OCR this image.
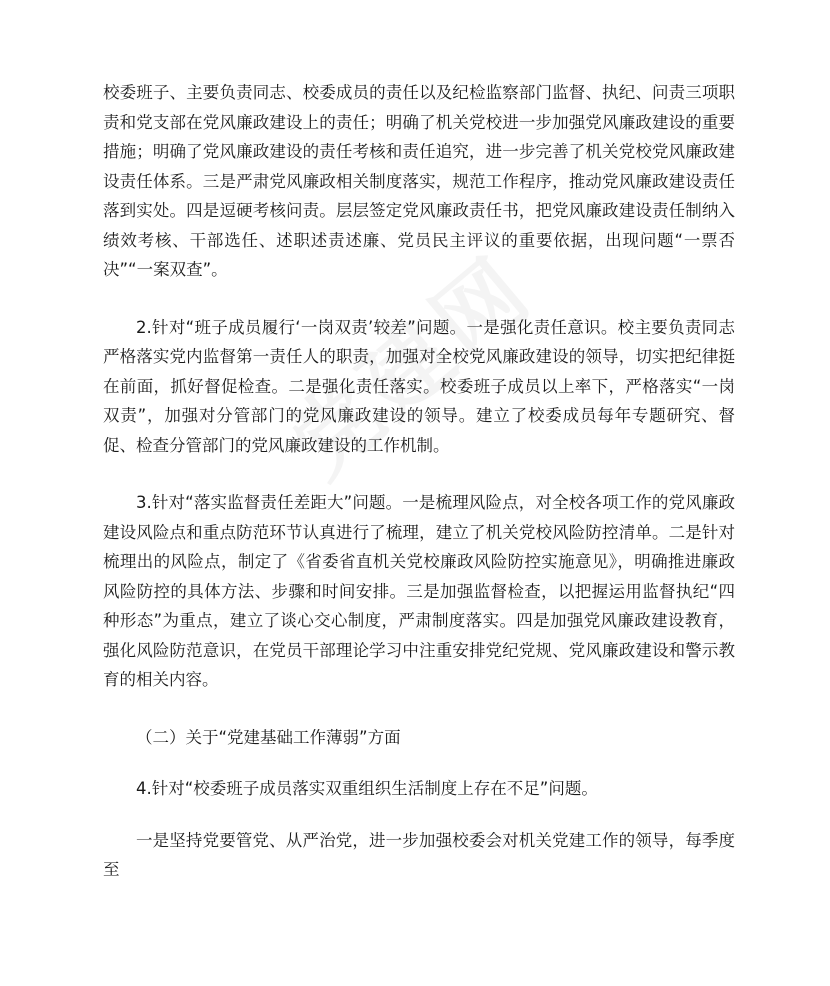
校委班子、主要负责同志、校委成员的责任以及纪检监察部门监督、执纪、问责三项职责和党支部在党风廉政建设上的责任；明确了机关党校进一步加强党风廉政建设的重要措施；明确了党风廉政建设的责任考核和责任追究，进一步完善了机关党校党风廉政建设责任体系。三是严肃党风廉政相关制度落实，规范工作程序，推动党风廉政建设责任落到实处。四是逗硬考核问责。层层签定党风廉政责任书，把党风廉政建设责任制纳入绩效考核、干部选任、述职述责述廉、党员民主评议的重要依据，出现问题“一票否决”“一案双查”。

2.针对“班子成员履行‘一岗双责’较差”问题。一是强化责任意识。校主要负责同志严格落实党内监督第一责任人的职责，加强对全校党风廉政建设的领导，切实把纪律挺在前面，抓好督促检查。二是强化责任落实。校委班子成员以上率下，严格落实“一岗双责”，加强对分管部门的党风廉政建设的领导。建立了校委成员每年专题研究、督促、检查分管部门的党风廉政建设的工作机制。

3.针对“落实监督责任差距大”问题。一是梳理风险点，对全校各项工作的党风廉政建设风险点和重点防范环节认真进行了梳理，建立了机关党校风险防控清单。二是针对梳理出的风险点，制定了《省委省直机关党校廉政风险防控实施意见》，明确推进廉政风险防控的具体方法、步骤和时间安排。三是加强监督检查，以把握运用监督执纪“四种形态”为重点，建立了谈心交心制度，严肃制度落实。四是加强党风廉政建设教育，强化风险防范意识，在党员干部理论学习中注重安排党纪党规、党风廉政建设和警示教育的相关内容。

（二）关于“党建基础工作薄弱”方面

4.针对“校委班子成员落实双重组织生活制度上存在不足”问题。

一是坚持党要管党、从严治党，进一步加强校委会对机关党建工作的领导，每季度至
